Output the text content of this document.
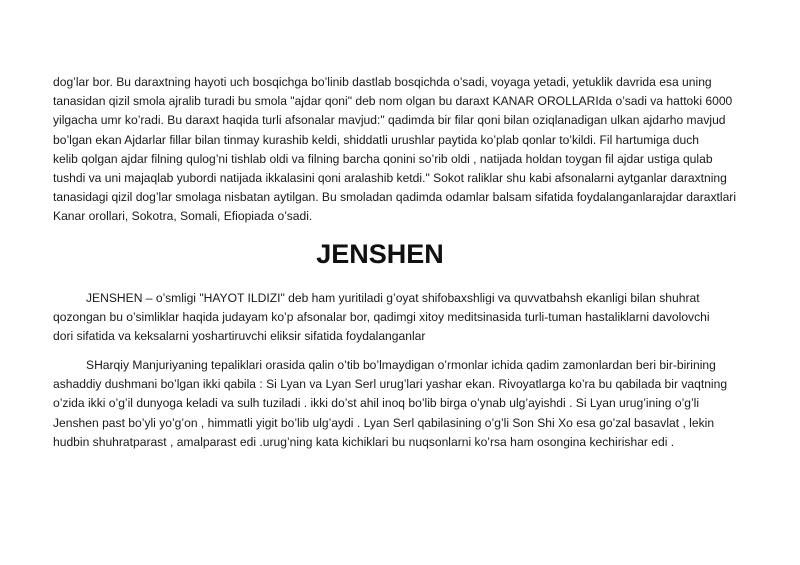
dog’lar bor. Bu daraxtning hayoti uch bosqichga bo’linib dastlab bosqichda o’sadi, voyaga yetadi, yetuklik davrida esa uning
tanasidan qizil smola ajralib turadi bu smola "ajdar qoni" deb nom olgan bu daraxt KANAR OROLLARIda o’sadi va hattoki 6000
yilgacha umr ko’radi. Bu daraxt haqida turli afsonalar mavjud:" qadimda bir filar qoni bilan oziqlanadigan ulkan ajdarho mavjud
bo’lgan ekan Ajdarlar fillar bilan tinmay kurashib keldi, shiddatli urushlar paytida ko’plab qonlar to’kildi. Fil hartumiga duch
kelib qolgan ajdar filning qulog’ni tishlab oldi va filning barcha qonini so’rib oldi , natijada holdan toygan fil ajdar ustiga qulab
tushdi va uni majaqlab yubordi natijada ikkalasini qoni aralashib ketdi." Sokot raliklar shu kabi afsonalarni aytganlar daraxtning
tanasidagi qizil dog’lar smolaga nisbatan aytilgan. Bu smoladan qadimda odamlar balsam sifatida foydalanganlarajdar daraxtlari
Kanar orollari, Sokotra, Somali, Efiopiada o’sadi.

JENSHEN

JENSHEN – o’smligi "HAYOT ILDIZI" deb ham yuritiladi g’oyat shifobaxshligi va quvvatbahsh ekanligi bilan shuhrat
qozongan bu o’simliklar haqida judayam ko’p afsonalar bor, qadimgi xitoy meditsinasida turli-tuman hastaliklarni davolovchi
dori sifatida va keksalarni yoshartiruvchi eliksir sifatida foydalanganlar

SHarqiy Manjuriyaning tepaliklari orasida qalin o’tib bo’lmaydigan o’rmonlar ichida qadim zamonlardan beri bir-birining
ashaddiy dushmani bo’lgan ikki qabila : Si Lyan va Lyan Serl urug’lari yashar ekan. Rivoyatlarga ko’ra bu qabilada bir vaqtning
o’zida ikki o’g’il dunyoga keladi va sulh tuziladi . ikki do’st ahil inoq bo’lib birga o’ynab ulg’ayishdi . Si Lyan urug’ining o’g’li
Jenshen past bo’yli yo’g’on , himmatli yigit bo’lib ulg’aydi . Lyan Serl qabilasining o’g’li Son Shi Xo esa go’zal basavlat , lekin
hudbin shuhratparast , amalparast edi .urug’ning kata kichiklari bu nuqsonlarni ko’rsa ham osongina kechirishar edi .
